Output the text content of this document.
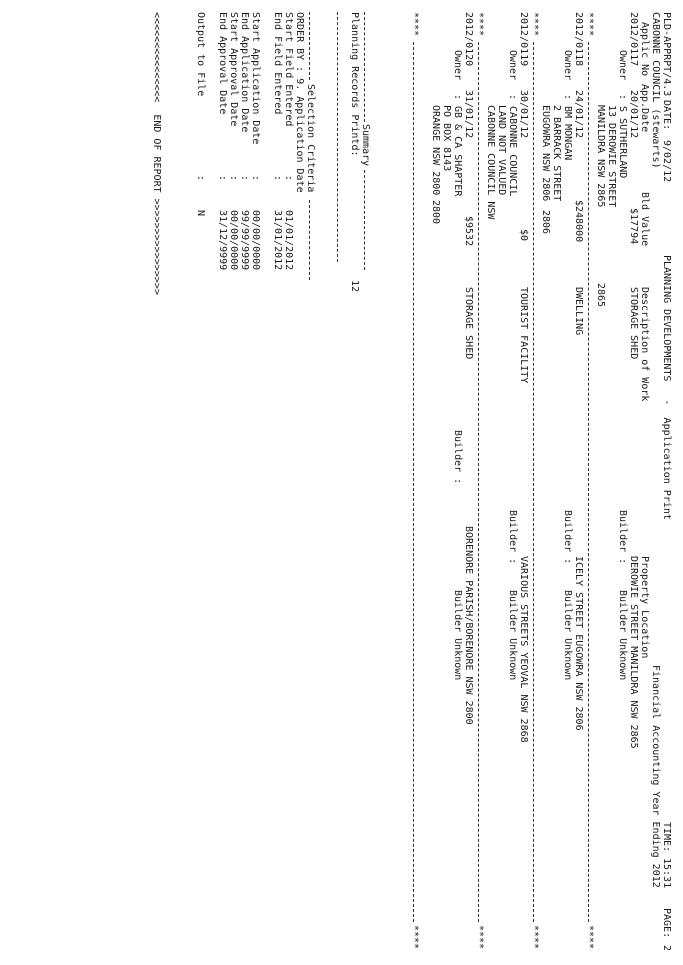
PLD-APPRPT/4.3
DATE:
9/02/12
PLANNING DEVELOPMENTS   -  Application Print
TIME:
15:31
PAGE:
2
CABONNE COUNCIL (stewarts)
Financial Accounting Year Ending 2012
Applic No
App.Date
Bld Value
Description of Work
Property Location
2012/0117
20/01/12
$17794
STORAGE SHED
DEROWIE STREET MANILDRA NSW 2865
Owner
: S SUTHERLAND
Builder :
Builder Unknown
13 DEROWIE STREET
MANILDRA NSW 2865
2865
****
****
2012/0118
24/01/12
$248000
DWELLING
ICELY STREET EUGOWRA NSW 2806
Owner
: BM MONGAN
Builder :
Builder Unknown
2 BARRACK STREET
EUGOWRA NSW 2806
2806
****
****
2012/0119
30/01/12
$0
TOURIST FACILITY
VARIOUS STREETS YEOVAL NSW 2868
Owner
: CABONNE COUNCIL
Builder :
Builder Unknown
LAND NOT VALUED
CABONNE COUNCIL NSW
****
****
2012/0120
31/01/12
$9532
STORAGE SHED
BORENORE PARISH/BORENORE NSW 2800
Owner
: GB & CA SHAPTER
Builder :
Builder Unknown
PO BOX 8143
ORANGE NSW 2800
2800
****
****
Summary
Planning Records Printd:
12
Selection Criteria
ORDER BY : 9. Application Date
Start Field Entered
:
01/01/2012
End Field Entered
:
31/01/2012
Start Application Date
:
00/00/0000
End Application Date
:
99/99/9999
Start Approval Date
:
00/00/0000
End Approval Date
:
31/12/9999
Output to File
:
N
<<<<<<<<<<<<<<<  END OF REPORT >>>>>>>>>>>>>>>>
